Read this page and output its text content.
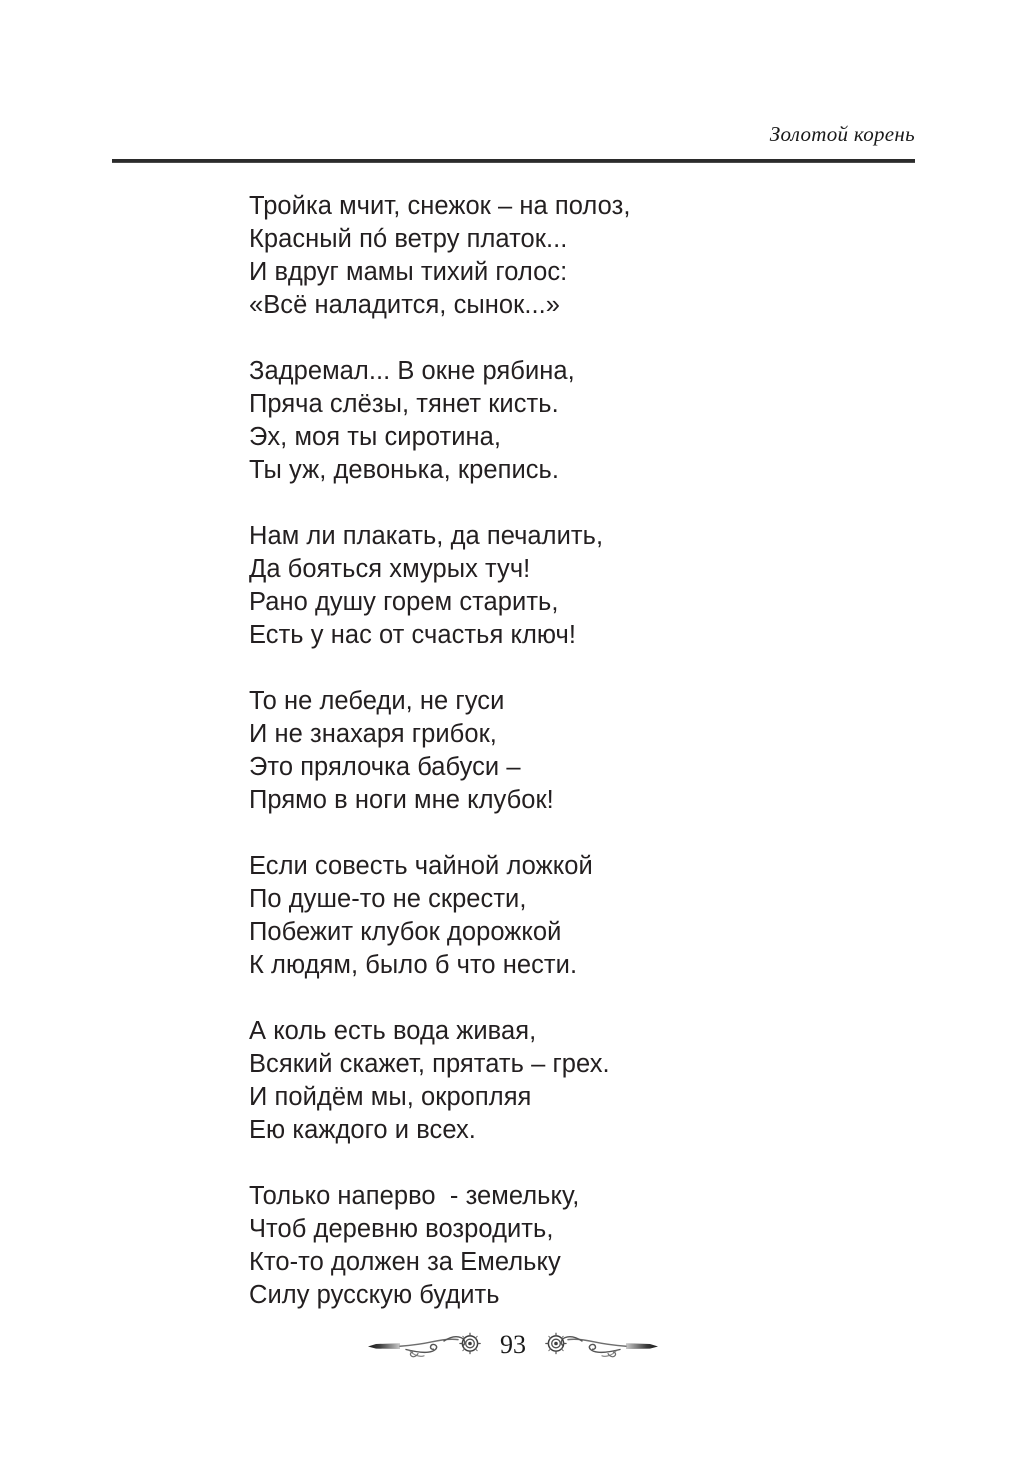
Золотой корень
Тройка мчит, снежок – на полоз,
Красный пó ветру платок...
И вдруг мамы тихий голос:
«Всё наладится, сынок...»
Задремал... В окне рябина,
Пряча слёзы, тянет кисть.
Эх, моя ты сиротина,
Ты уж, девонька, крепись.
Нам ли плакать, да печалить,
Да бояться хмурых туч!
Рано душу горем старить,
Есть у нас от счастья ключ!
То не лебеди, не гуси
И не знахаря грибок,
Это прялочка бабуси –
Прямо в ноги мне клубок!
Если совесть чайной ложкой
По душе-то не скрести,
Побежит клубок дорожкой
К людям, было б что нести.
А коль есть вода живая,
Всякий скажет, прятать – грех.
И пойдём мы, окропляя
Ею каждого и всех.
Только наперво  - земельку,
Чтоб деревню возродить,
Кто-то должен за Емельку
Силу русскую будить
93
